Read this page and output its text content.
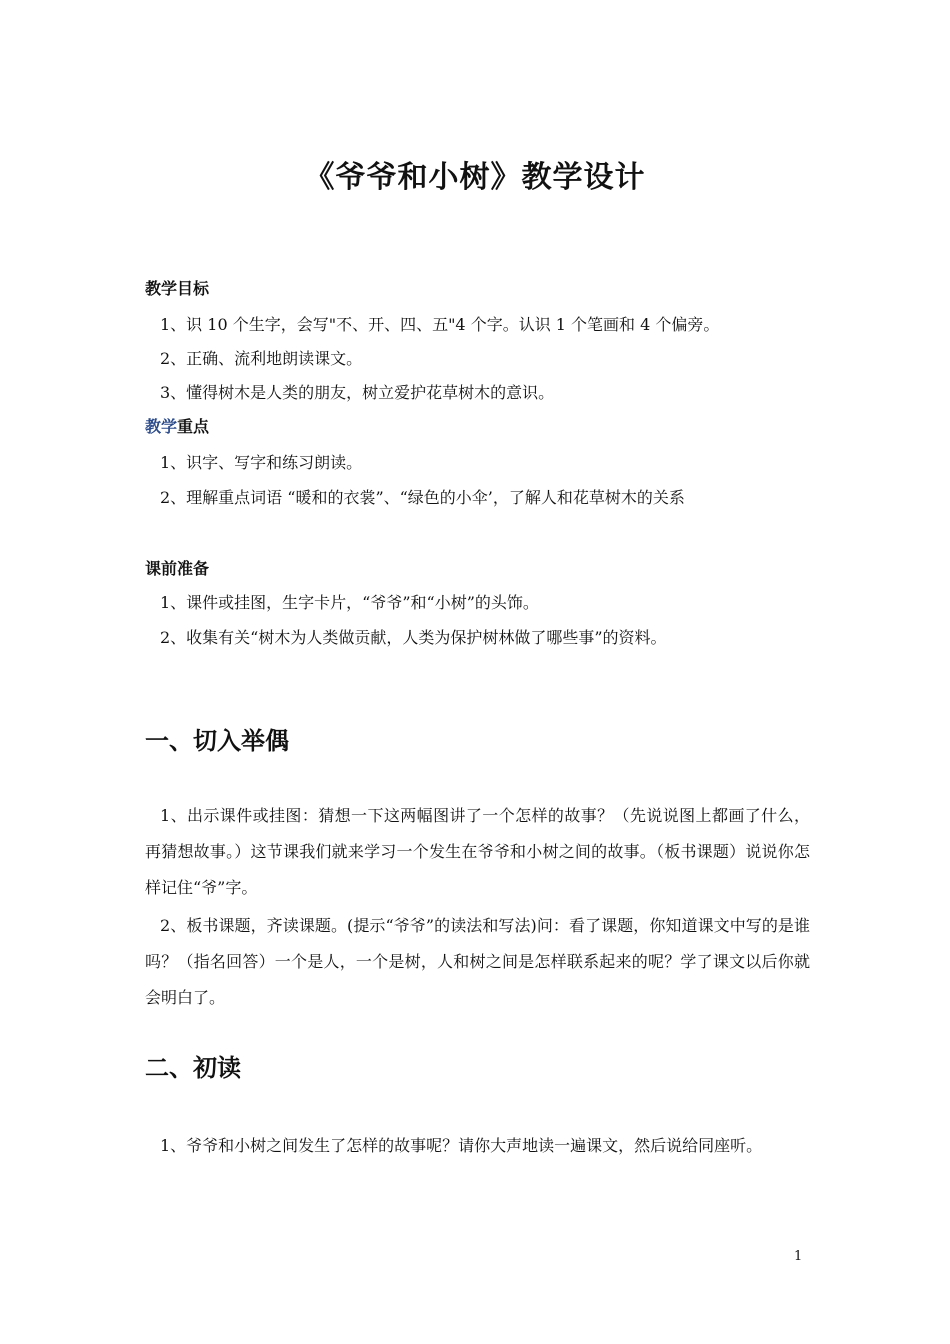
《爷爷和小树》教学设计
教学目标
1、识 10 个生字，会写"不、开、四、五"4 个字。认识 1 个笔画和 4 个偏旁。
2、正确、流利地朗读课文。
3、懂得树木是人类的朋友，树立爱护花草树木的意识。
教学重点
1、识字、写字和练习朗读。
2、理解重点词语 “暖和的衣裳”、“绿色的小伞’，了解人和花草树木的关系
课前准备
1、课件或挂图，生字卡片，“爷爷”和“小树”的头饰。
2、收集有关“树木为人类做贡献，人类为保护树林做了哪些事”的资料。
一、切入举偶
1、出示课件或挂图：猜想一下这两幅图讲了一个怎样的故事？（先说说图上都画了什么，再猜想故事。）这节课我们就来学习一个发生在爷爷和小树之间的故事。（板书课题）说说你怎样记住“爷”字。
2、板书课题，齐读课题。(提示“爷爷”的读法和写法)问：看了课题，你知道课文中写的是谁吗？（指名回答）一个是人，一个是树，人和树之间是怎样联系起来的呢？学了课文以后你就会明白了。
二、初读
1、爷爷和小树之间发生了怎样的故事呢？请你大声地读一遍课文，然后说给同座听。
1
